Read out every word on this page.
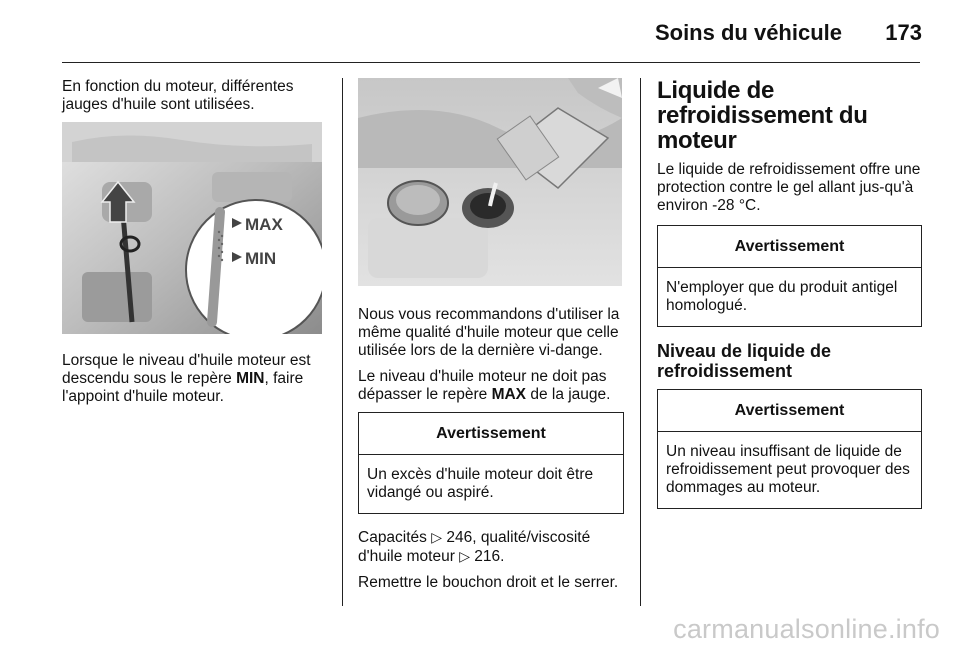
Soins du véhicule 173

En fonction du moteur, différentes jauges d'huile sont utilisées.

MAX
MIN

Lorsque le niveau d'huile moteur est descendu sous le repère MIN, faire l'appoint d'huile moteur.

Nous vous recommandons d'utiliser la même qualité d'huile moteur que celle utilisée lors de la dernière vi-dange.

Le niveau d'huile moteur ne doit pas dépasser le repère MAX de la jauge.

Avertissement
Un excès d'huile moteur doit être vidangé ou aspiré.

Capacités ▷ 246, qualité/viscosité d'huile moteur ▷ 216.

Remettre le bouchon droit et le serrer.

Liquide de refroidissement du moteur

Le liquide de refroidissement offre une protection contre le gel allant jus-qu'à environ -28 °C.

Avertissement
N'employer que du produit antigel homologué.
Niveau de liquide de refroidissement
Avertissement
Un niveau insuffisant de liquide de refroidissement peut provoquer des dommages au moteur.
carmanualsonline.info
